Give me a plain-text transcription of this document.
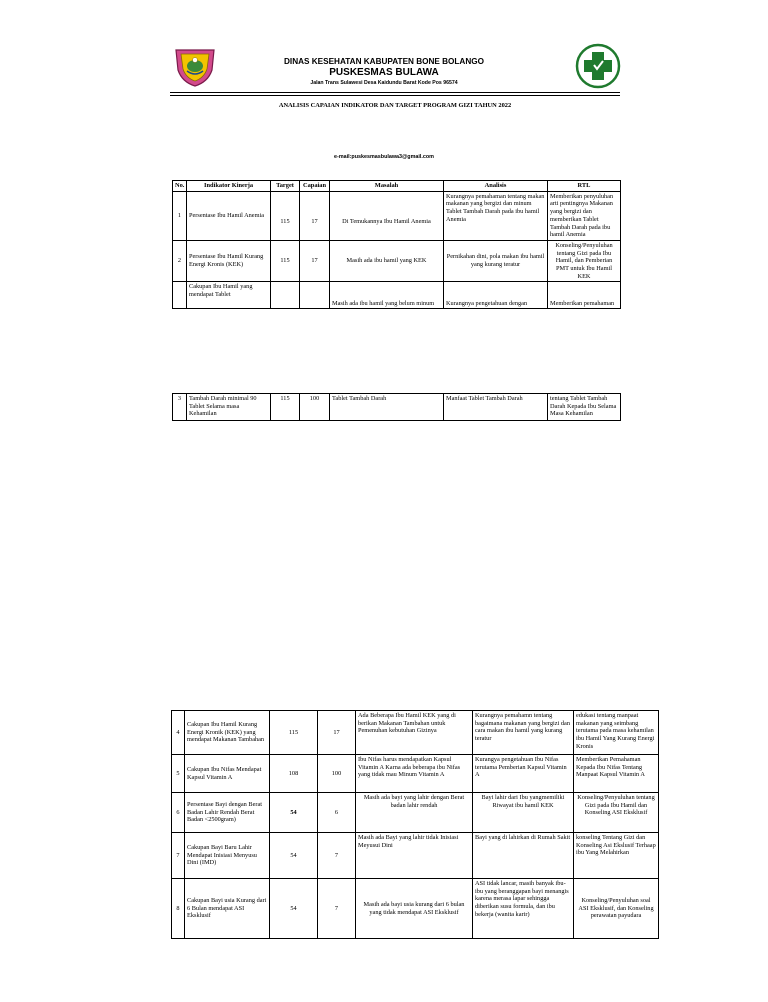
DINAS KESEHATAN KABUPATEN BONE BOLANGO
PUSKESMAS BULAWA
Jalan Trans Sulawesi Desa Kaidundu Barat Kode Pos 96574
ANALISIS CAPAIAN INDIKATOR DAN TARGET PROGRAM GIZI TAHUN 2022
e-mail:puskesmasbulawa3@gmail.com
No.	Indikator Kinerja	Target	Capaian	Masalah	Analisis	RTL
1	Persentase Ibu Hamil Anemia	115	17	Di Temukannya Ibu Hamil Anemia	Kurangnya pemahaman tentang makan makanan yang bergizi dan minum Tablet Tambah Darah pada ibu hamil Anemia	Memberikan penyuluhan arti pentingnya Makanan yang bergizi dan memberikan Tablet Tambah Darah pada ibu hamil Anemia
2	Persentase Ibu Hamil Kurang Energi Kronis (KEK)	115	17	Masih ada ibu hamil yang KEK	Pernikahan dini, pola makan ibu hamil yang kurang teratur	Konseling/Penyuluhan tentang Gizi pada Ibu Hamil, dan Pemberian PMT untuk Ibu Hamil KEK
	Cakupan Ibu Hamil yang mendapat Tablet			Masih ada ibu hamil yang belum minum	Kurangnya pengetahuan dengan	Memberikan pemahaman
3	Tambah Darah minimal 90 Tablet Selama masa Kehamilan	115	100	Tablet Tambah Darah	Manfaat Tablet Tambah Darah	tentang Tablet Tambah Darah Kepada Ibu Selama Masa Kehamilan
4	Cakupan Ibu Hamil Kurang Energi Kronik (KEK) yang mendapat Makanan Tambahan	115	17	Ada Beberapa Ibu Hamil KEK yang di berikan Makanan Tambahan untuk Pemenuhan kebutuhan Gizinya	Kurangnya pemahamn tentang bagaimana makanan yang bergizi dan cara makan ibu hamil yang kurang teratur	edukasi tentang manpaat makanan yang seimbang terutama pada masa kehamilan ibu Hamil Yang Kurang Energi Kronis
5	Cakupan Ibu Nifas Mendapat Kapsul Vitamin A	108	100	Ibu Nifas harus mendapatkan Kapsul Vitamin A Karna ada beberapa ibu Nifas yang tidak mau Minum Vitamin A	Kurangya pengetahuan Ibu Nifas terutama Pemberian Kapsul Vitamin A	Memberikan Pemahaman Kepada Ibu Nifas Tentang Manpaat Kapsul Vitamin A
6	Persentase Bayi dengan Berat Badan Lahir Rendah Berat Badan <2500gram)	54	6	Masih ada bayi yang lahir dengan Berat badan lahir rendah	Bayi lahir dari Ibu yangmemiliki Riwayat ibu hamil KEK	Konseling/Penyuluhan tentang Gizi pada Ibu Hamil dan Konseling ASI Eksklusif
7	Cakupan Bayi Baru Lahir Mendapat Inisiasi Menyusu Dini (IMD)	54	7	Masih ada Bayi yang lahir tidak Inisiasi Meyusui Dini	Bayi yang di lahirkan di Rumah Sakit	konseling Tentang Gizi dan Konseling Asi Ekslusif Terhaap ibu Yang Melahirkan
8	Cakupan Bayi usia Kurang dari 6 Bulan mendapat ASI Eksklusif	54	7	Masih ada bayi usia kurang dari 6 bulan yang tidak mendapat ASI Eksklusif	ASI tidak lancar, masih banyak ibu-ibu yang beranggapan bayi menangis karena merasa lapar sehingga diberikan susu formula, dan ibu bekerja (wanita karir)	Konseling/Penyuluhan soal ASI Eksklusif, dan Konseling perawatan payudara
